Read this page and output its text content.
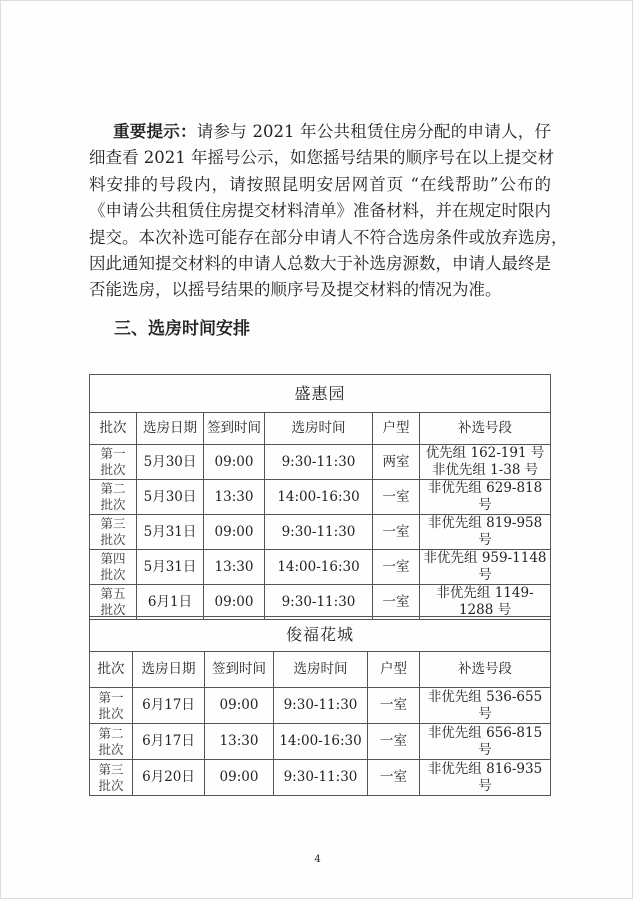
重要提示：请参与 2021 年公共租赁住房分配的申请人，仔
细查看 2021 年摇号公示，如您摇号结果的顺序号在以上提交材
料安排的号段内，请按照昆明安居网首页 “在线帮助”公布的
《申请公共租赁住房提交材料清单》准备材料，并在规定时限内
提交。本次补选可能存在部分申请人不符合选房条件或放弃选房，
因此通知提交材料的申请人总数大于补选房源数，申请人最终是
否能选房，以摇号结果的顺序号及提交材料的情况为准。
三、选房时间安排
盛惠园					
批次	选房日期	签到时间	选房时间	户型	补选号段
第一批次	5月30日	09:00	9:30-11:30	两室	优先组 162-191 号
非优先组 1-38 号
第二批次	5月30日	13:30	14:00-16:30	一室	非优先组 629-818 号
第三批次	5月31日	09:00	9:30-11:30	一室	非优先组 819-958 号
第四批次	5月31日	13:30	14:00-16:30	一室	非优先组 959-1148 号
第五批次	6月1日	09:00	9:30-11:30	一室	非优先组 1149-1288 号
俊福花城					
批次	选房日期	签到时间	选房时间	户型	补选号段
第一批次	6月17日	09:00	9:30-11:30	一室	非优先组 536-655 号
第二批次	6月17日	13:30	14:00-16:30	一室	非优先组 656-815 号
第三批次	6月20日	09:00	9:30-11:30	一室	非优先组 816-935 号
4
